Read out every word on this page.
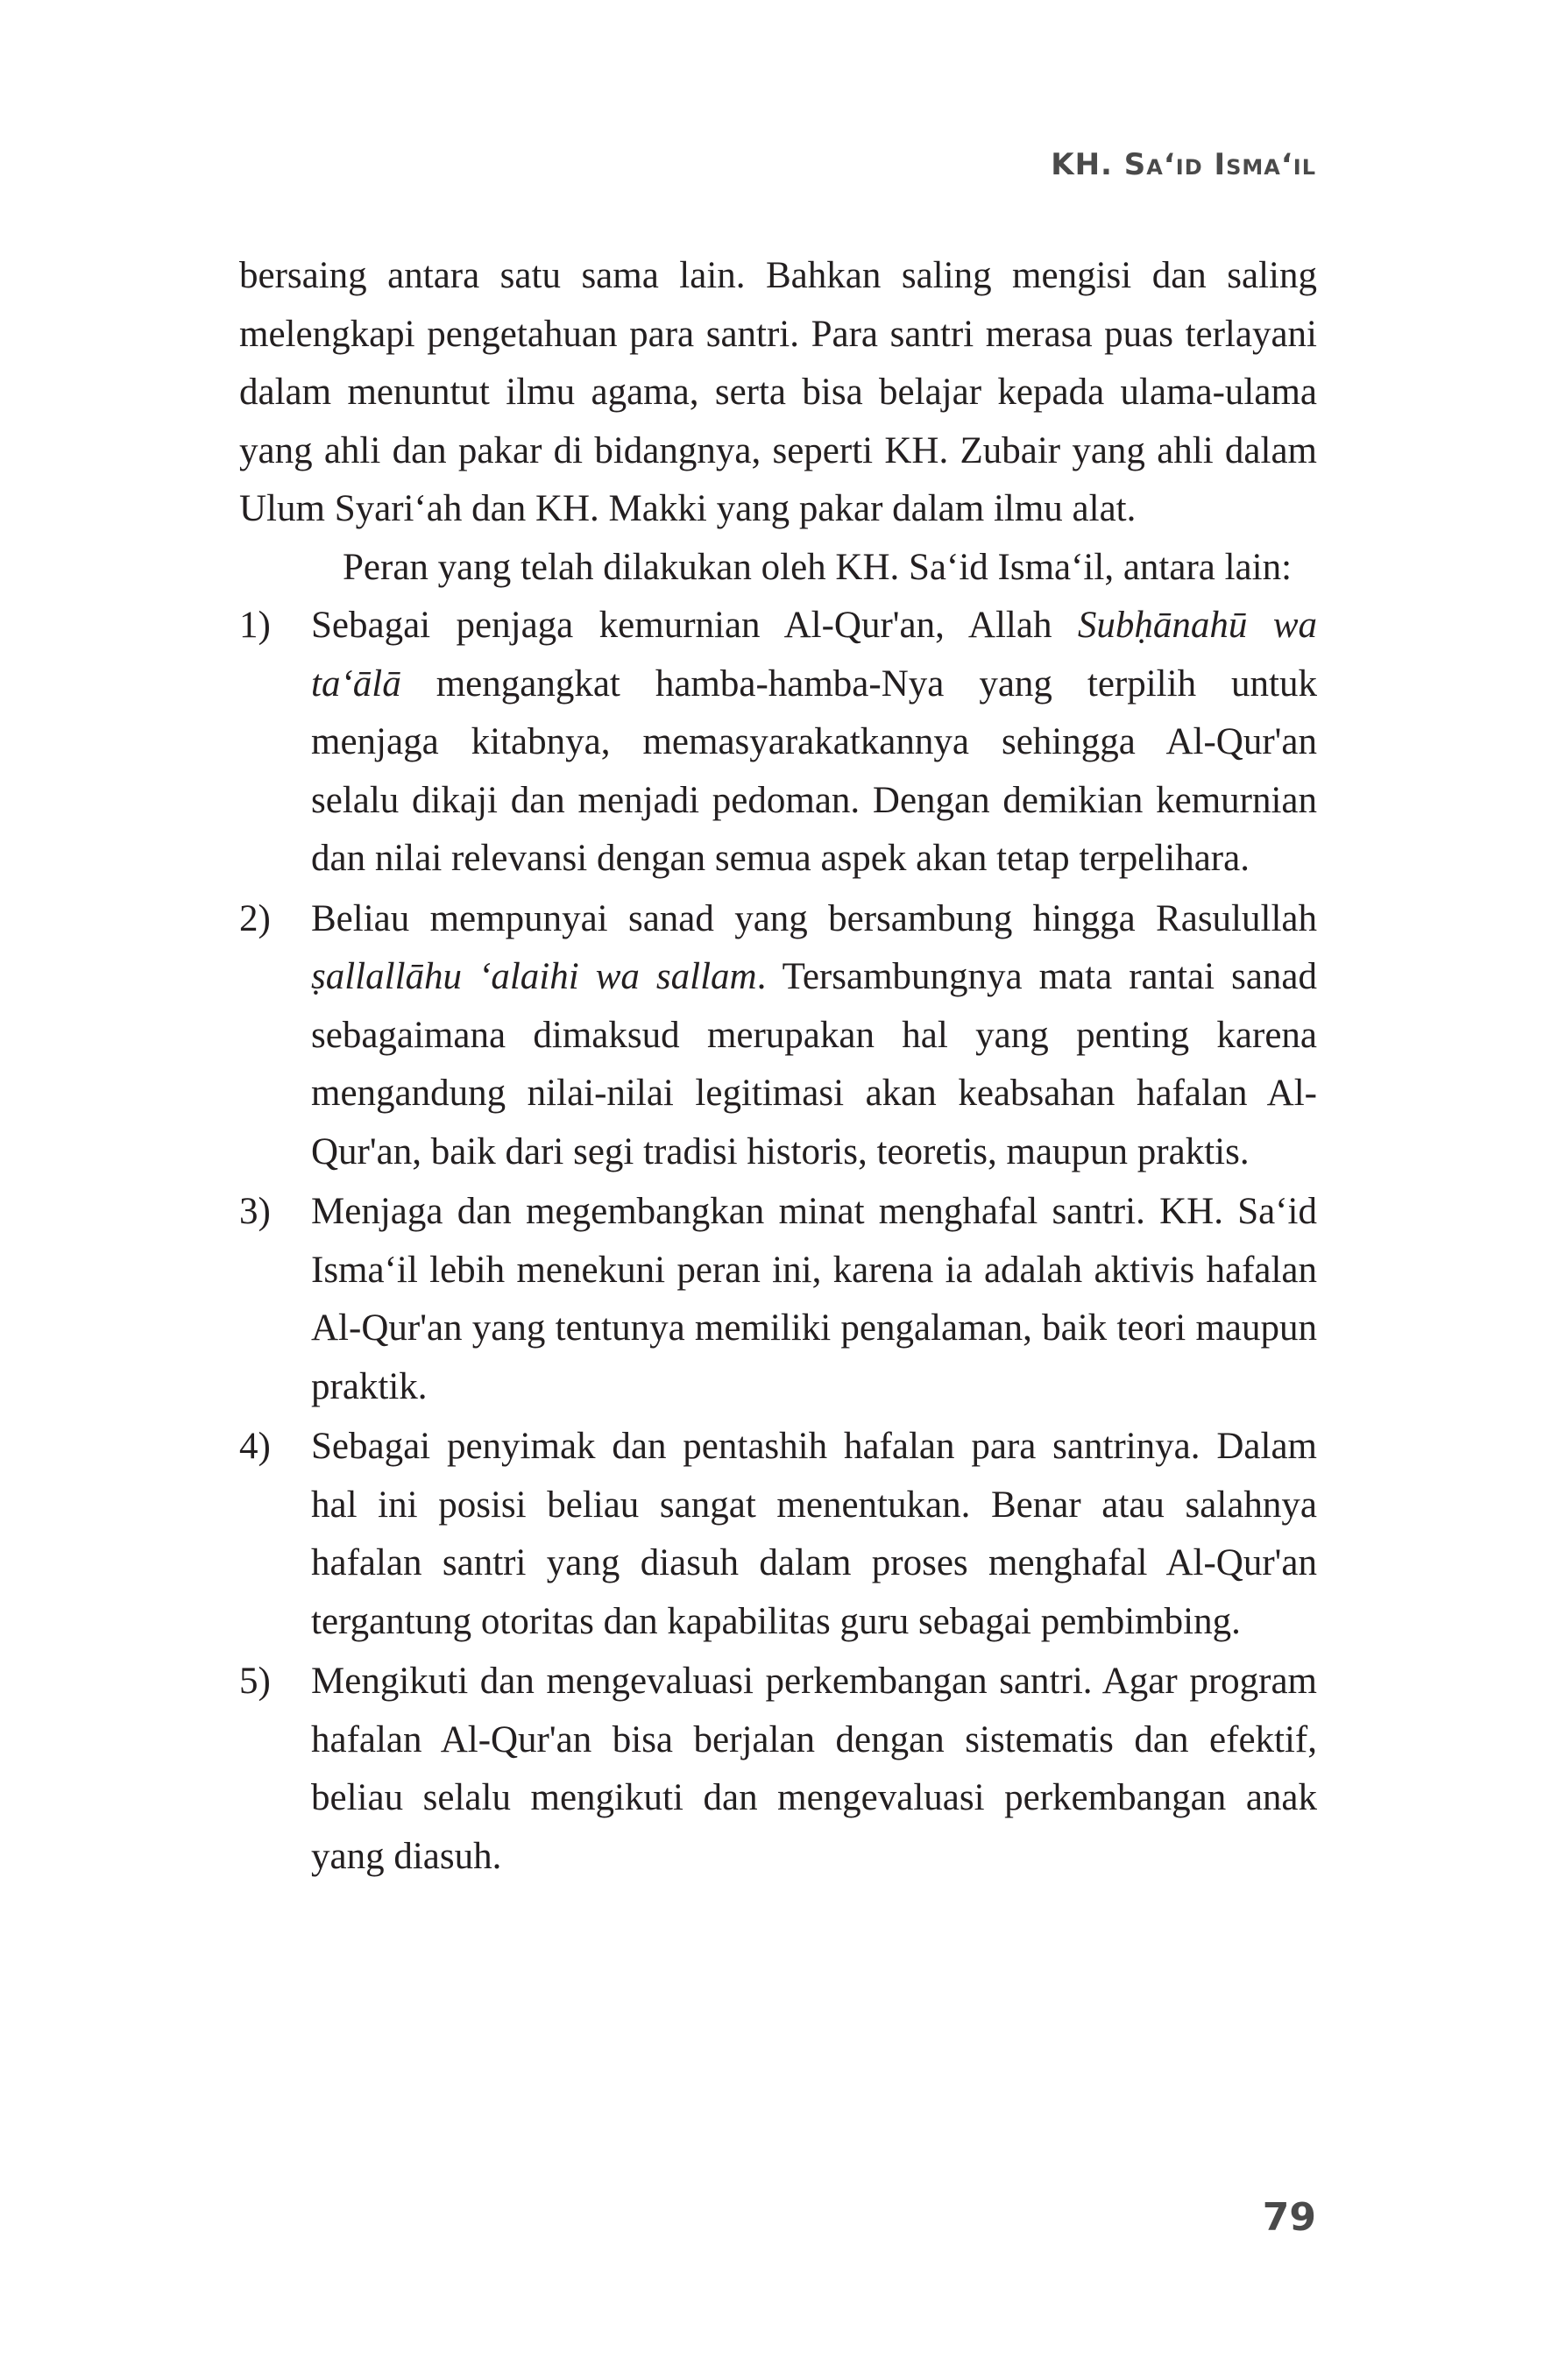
KH. Sa‘id Isma‘il

bersaing antara satu sama lain. Bahkan saling mengisi dan saling melengkapi pengetahuan para santri. Para santri merasa puas terlayani dalam menuntut ilmu agama, serta bisa belajar kepada ulama-ulama yang ahli dan pakar di bidangnya, seperti KH. Zubair yang ahli dalam Ulum Syari‘ah dan KH. Makki yang pakar dalam ilmu alat.

Peran yang telah dilakukan oleh KH. Sa‘id Isma‘il, antara lain:

1) Sebagai penjaga kemurnian Al-Qur'an, Allah Subḥānahū wa ta‘ālā mengangkat hamba-hamba-Nya yang terpilih untuk menjaga kitabnya, memasyarakatkannya sehingga Al-Qur'an selalu dikaji dan menjadi pedoman. Dengan demikian kemurnian dan nilai relevansi dengan semua aspek akan tetap terpelihara.
2) Beliau mempunyai sanad yang bersambung hingga Rasulullah ṣallallāhu ‘alaihi wa sallam. Tersambungnya mata rantai sanad sebagaimana dimaksud merupakan hal yang penting karena mengandung nilai-nilai legitimasi akan keabsahan hafalan Al-Qur'an, baik dari segi tradisi historis, teoretis, maupun praktis.
3) Menjaga dan megembangkan minat menghafal santri. KH. Sa‘id Isma‘il lebih menekuni peran ini, karena ia adalah aktivis hafalan Al-Qur'an yang tentunya memiliki pengalaman, baik teori maupun praktik.
4) Sebagai penyimak dan pentashih hafalan para santrinya. Dalam hal ini posisi beliau sangat menentukan. Benar atau salahnya hafalan santri yang diasuh dalam proses menghafal Al-Qur'an tergantung otoritas dan kapabilitas guru sebagai pembimbing.
5) Mengikuti dan mengevaluasi perkembangan santri. Agar program hafalan Al-Qur'an bisa berjalan dengan sistematis dan efektif, beliau selalu mengikuti dan mengevaluasi perkembangan anak yang diasuh.
79
